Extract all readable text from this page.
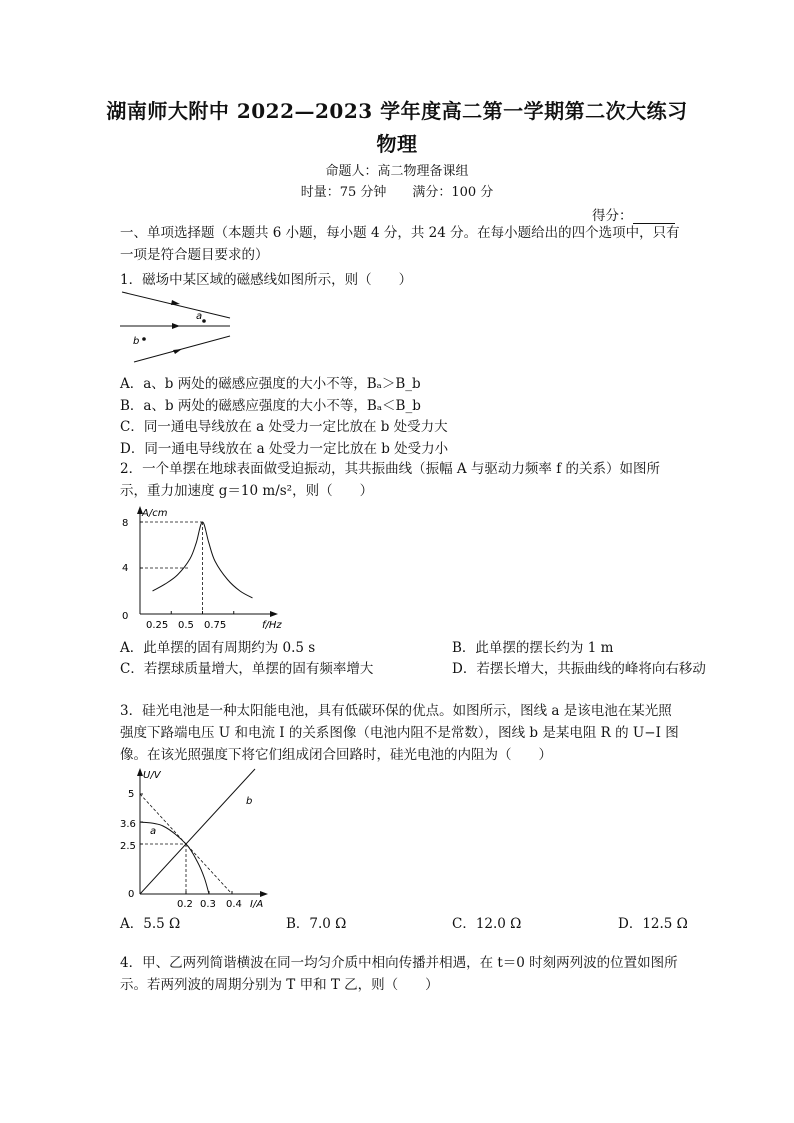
湖南师大附中 2022—2023 学年度高二第一学期第二次大练习
物理
命题人：高二物理备课组
时量：75 分钟　　满分：100 分
得分：
一、单项选择题（本题共 6 小题，每小题 4 分，共 24 分。在每小题给出的四个选项中，只有一项是符合题目要求的）
1．磁场中某区域的磁感线如图所示，则（　　）
a
b
A．a、b 两处的磁感应强度的大小不等，Bₐ＞B_b
B．a、b 两处的磁感应强度的大小不等，Bₐ＜B_b
C．同一通电导线放在 a 处受力一定比放在 b 处受力大
D．同一通电导线放在 a 处受力一定比放在 b 处受力小
2．一个单摆在地球表面做受迫振动，其共振曲线（振幅 A 与驱动力频率 f 的关系）如图所示，重力加速度 g＝10 m/s²，则（　　）
A/cm
f/Hz
8
4
0
0.25 0.5 0.75
A．此单摆的固有周期约为 0.5 s	B．此单摆的摆长约为 1 m
C．若摆球质量增大，单摆的固有频率增大	D．若摆长增大，共振曲线的峰将向右移动
3．硅光电池是一种太阳能电池，具有低碳环保的优点。如图所示，图线 a 是该电池在某光照强度下路端电压 U 和电流 I 的关系图像（电池内阻不是常数），图线 b 是某电阻 R 的 U−I 图像。在该光照强度下将它们组成闭合回路时，硅光电池的内阻为（　　）
U/V
I/A
5
3.6
2.5
0
0.2 0.3 0.4
a
b
A．5.5 Ω	B．7.0 Ω	C．12.0 Ω	D．12.5 Ω
4．甲、乙两列简谐横波在同一均匀介质中相向传播并相遇，在 t＝0 时刻两列波的位置如图所示。若两列波的周期分别为 T 甲和 T 乙，则（　　）
